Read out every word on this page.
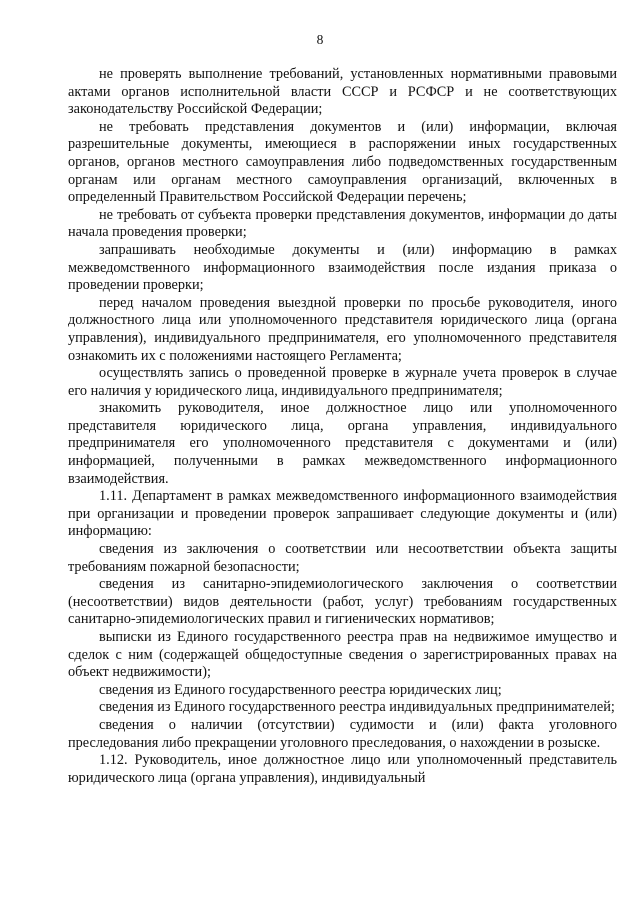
8

не проверять выполнение требований, установленных нормативными правовыми актами органов исполнительной власти СССР и РСФСР и не соответствующих законодательству Российской Федерации;

не требовать представления документов и (или) информации, включая разрешительные документы, имеющиеся в распоряжении иных государственных органов, органов местного самоуправления либо подведомственных государственным органам или органам местного самоуправления организаций, включенных в определенный Правительством Российской Федерации перечень;

не требовать от субъекта проверки представления документов, информации до даты начала проведения проверки;

запрашивать необходимые документы и (или) информацию в рамках межведомственного информационного взаимодействия после издания приказа о проведении проверки;

перед началом проведения выездной проверки по просьбе руководителя, иного должностного лица или уполномоченного представителя юридического лица (органа управления), индивидуального предпринимателя, его уполномоченного представителя ознакомить их с положениями настоящего Регламента;

осуществлять запись о проведенной проверке в журнале учета проверок в случае его наличия у юридического лица, индивидуального предпринимателя;

знакомить руководителя, иное должностное лицо или уполномоченного представителя юридического лица, органа управления, индивидуального предпринимателя его уполномоченного представителя с документами и (или) информацией, полученными в рамках межведомственного информационного взаимодействия.

1.11. Департамент в рамках межведомственного информационного взаимодействия при организации и проведении проверок запрашивает следующие документы и (или) информацию:

сведения из заключения о соответствии или несоответствии объекта защиты требованиям пожарной безопасности;

сведения из санитарно-эпидемиологического заключения о соответствии (несоответствии) видов деятельности (работ, услуг) требованиям государственных санитарно-эпидемиологических правил и гигиенических нормативов;

выписки из Единого государственного реестра прав на недвижимое имущество и сделок с ним (содержащей общедоступные сведения о зарегистрированных правах на объект недвижимости);

сведения из Единого государственного реестра юридических лиц;

сведения из Единого государственного реестра индивидуальных предпринимателей;

сведения о наличии (отсутствии) судимости и (или) факта уголовного преследования либо прекращении уголовного преследования, о нахождении в розыске.

1.12. Руководитель, иное должностное лицо или уполномоченный представитель юридического лица (органа управления), индивидуальный
